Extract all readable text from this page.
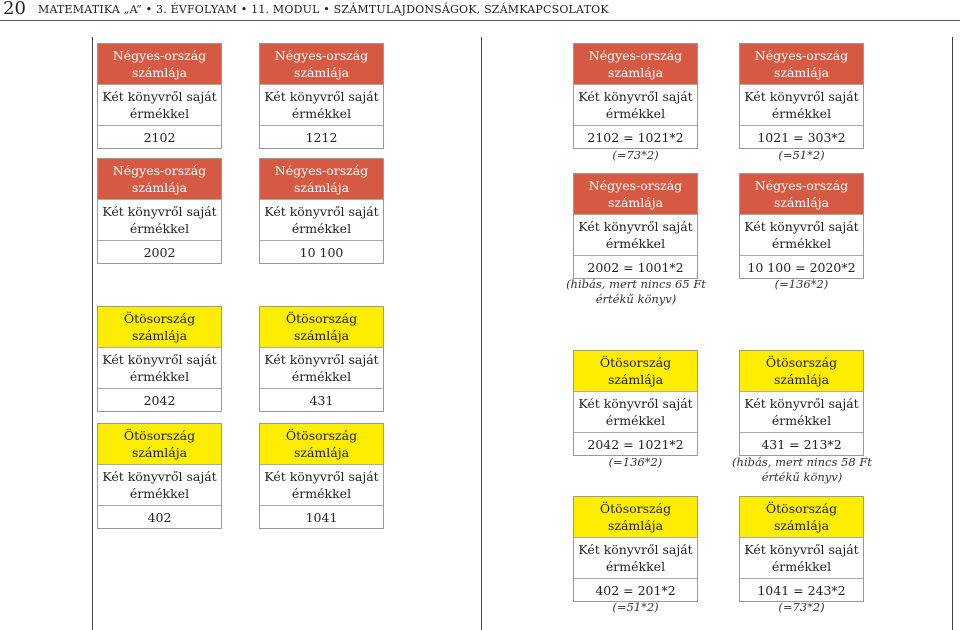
20 MATEMATIKA „A” • 3. ÉVFOLYAM • 11. MODUL • SZÁMTULAJDONSÁGOK, SZÁMKAPCSOLATOK
Négyes-ország
számlája
Két könyvről saját
érmékkel
2102
Négyes-ország
számlája
Két könyvről saját
érmékkel
1212
Négyes-ország
számlája
Két könyvről saját
érmékkel
2002
Négyes-ország
számlája
Két könyvről saját
érmékkel
10 100
Ötösország
számlája
Két könyvről saját
érmékkel
2042
Ötösország
számlája
Két könyvről saját
érmékkel
431
Ötösország
számlája
Két könyvről saját
érmékkel
402
Ötösország
számlája
Két könyvről saját
érmékkel
1041
Négyes-ország
számlája
Két könyvről saját
érmékkel
2102 = 1021*2
Négyes-ország
számlája
Két könyvről saját
érmékkel
1021 = 303*2
(=73*2)	(=51*2)
Négyes-ország
számlája
Két könyvről saját
érmékkel
2002 = 1001*2
Négyes-ország
számlája
Két könyvről saját
érmékkel
10 100 = 2020*2
(hibás, mert nincs 65 Ft értékű könyv)
(=136*2)
Ötösország
számlája
Két könyvről saját
érmékkel
2042 = 1021*2
Ötösország
számlája
Két könyvről saját
érmékkel
431 = 213*2
(=136*2)	(hibás, mert nincs 58 Ft értékű könyv)
Ötösország
számlája
Két könyvről saját
érmékkel
402 = 201*2
Ötösország
számlája
Két könyvről saját
érmékkel
1041 = 243*2
(=51*2)	(=73*2)
